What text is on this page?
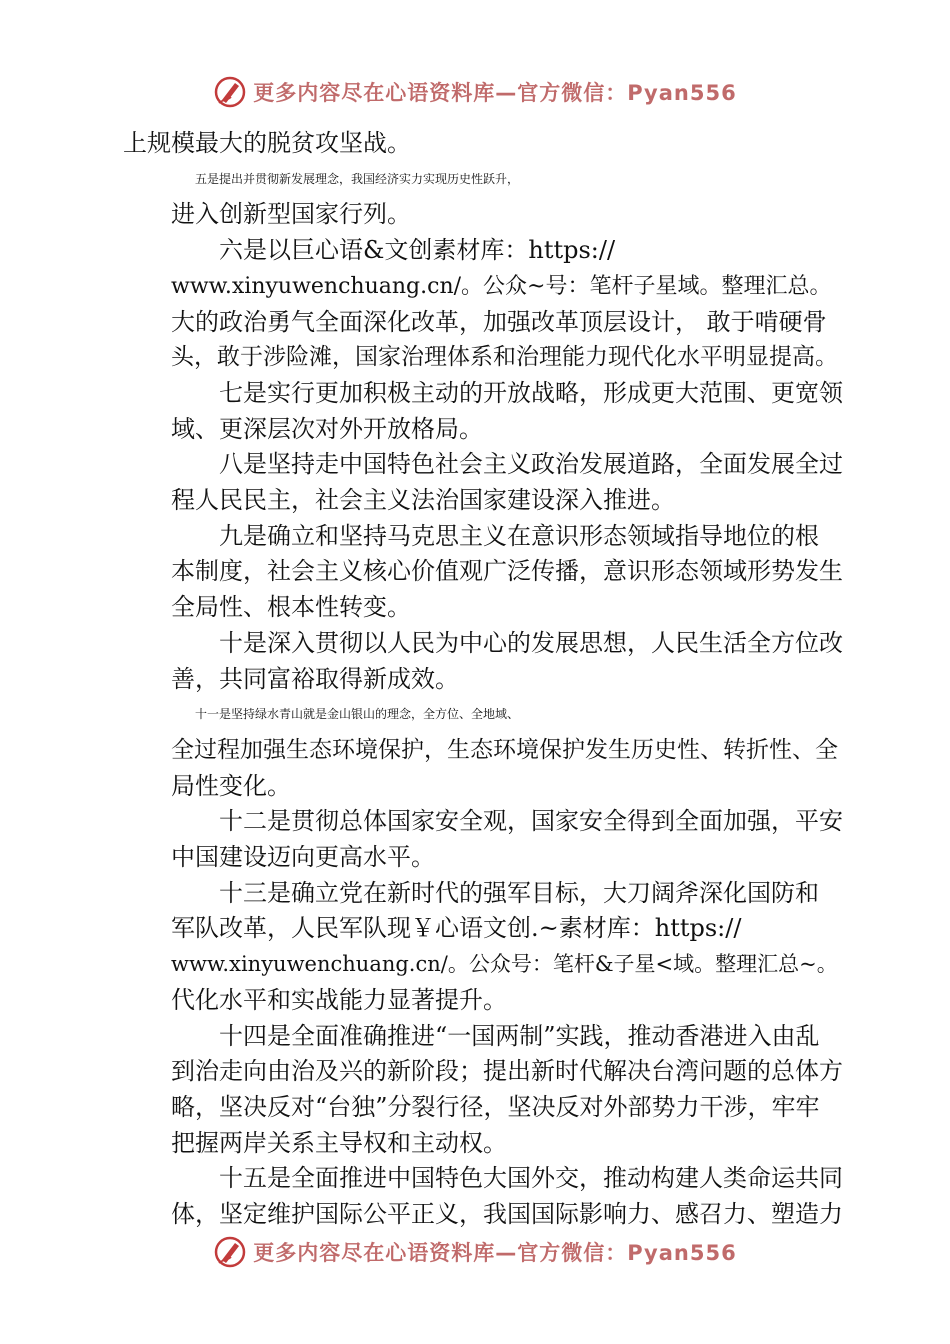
更多内容尽在心语资料库—官方微信：Pyan556

上规模最大的脱贫攻坚战。

五是提出并贯彻新发展理念，我国经济实力实现历史性跃升，
进入创新型国家行列。

六是以巨心语&文创素材库：https://
www.xinyuwenchuang.cn/。公众~号：笔杆子星域。整理汇总。
大的政治勇气全面深化改革，加强改革顶层设计， 敢于啃硬骨
头，敢于涉险滩，国家治理体系和治理能力现代化水平明显提高。

七是实行更加积极主动的开放战略，形成更大范围、更宽领
域、更深层次对外开放格局。

八是坚持走中国特色社会主义政治发展道路，全面发展全过
程人民民主，社会主义法治国家建设深入推进。

九是确立和坚持马克思主义在意识形态领域指导地位的根
本制度，社会主义核心价值观广泛传播，意识形态领域形势发生
全局性、根本性转变。

十是深入贯彻以人民为中心的发展思想，人民生活全方位改
善，共同富裕取得新成效。

十一是坚持绿水青山就是金山银山的理念，全方位、全地域、
全过程加强生态环境保护，生态环境保护发生历史性、转折性、全
局性变化。

十二是贯彻总体国家安全观，国家安全得到全面加强，平安
中国建设迈向更高水平。

十三是确立党在新时代的强军目标，大刀阔斧深化国防和
军队改革，人民军队现￥心语文创.~素材库：https://
www.xinyuwenchuang.cn/。公众号：笔杆&子星<域。整理汇总~。
代化水平和实战能力显著提升。

十四是全面准确推进“一国两制”实践，推动香港进入由乱
到治走向由治及兴的新阶段；提出新时代解决台湾问题的总体方
略，坚决反对“台独”分裂行径，坚决反对外部势力干涉，牢牢
把握两岸关系主导权和主动权。

十五是全面推进中国特色大国外交，推动构建人类命运共同
体，坚定维护国际公平正义，我国国际影响力、感召力、塑造力

更多内容尽在心语资料库—官方微信：Pyan556
